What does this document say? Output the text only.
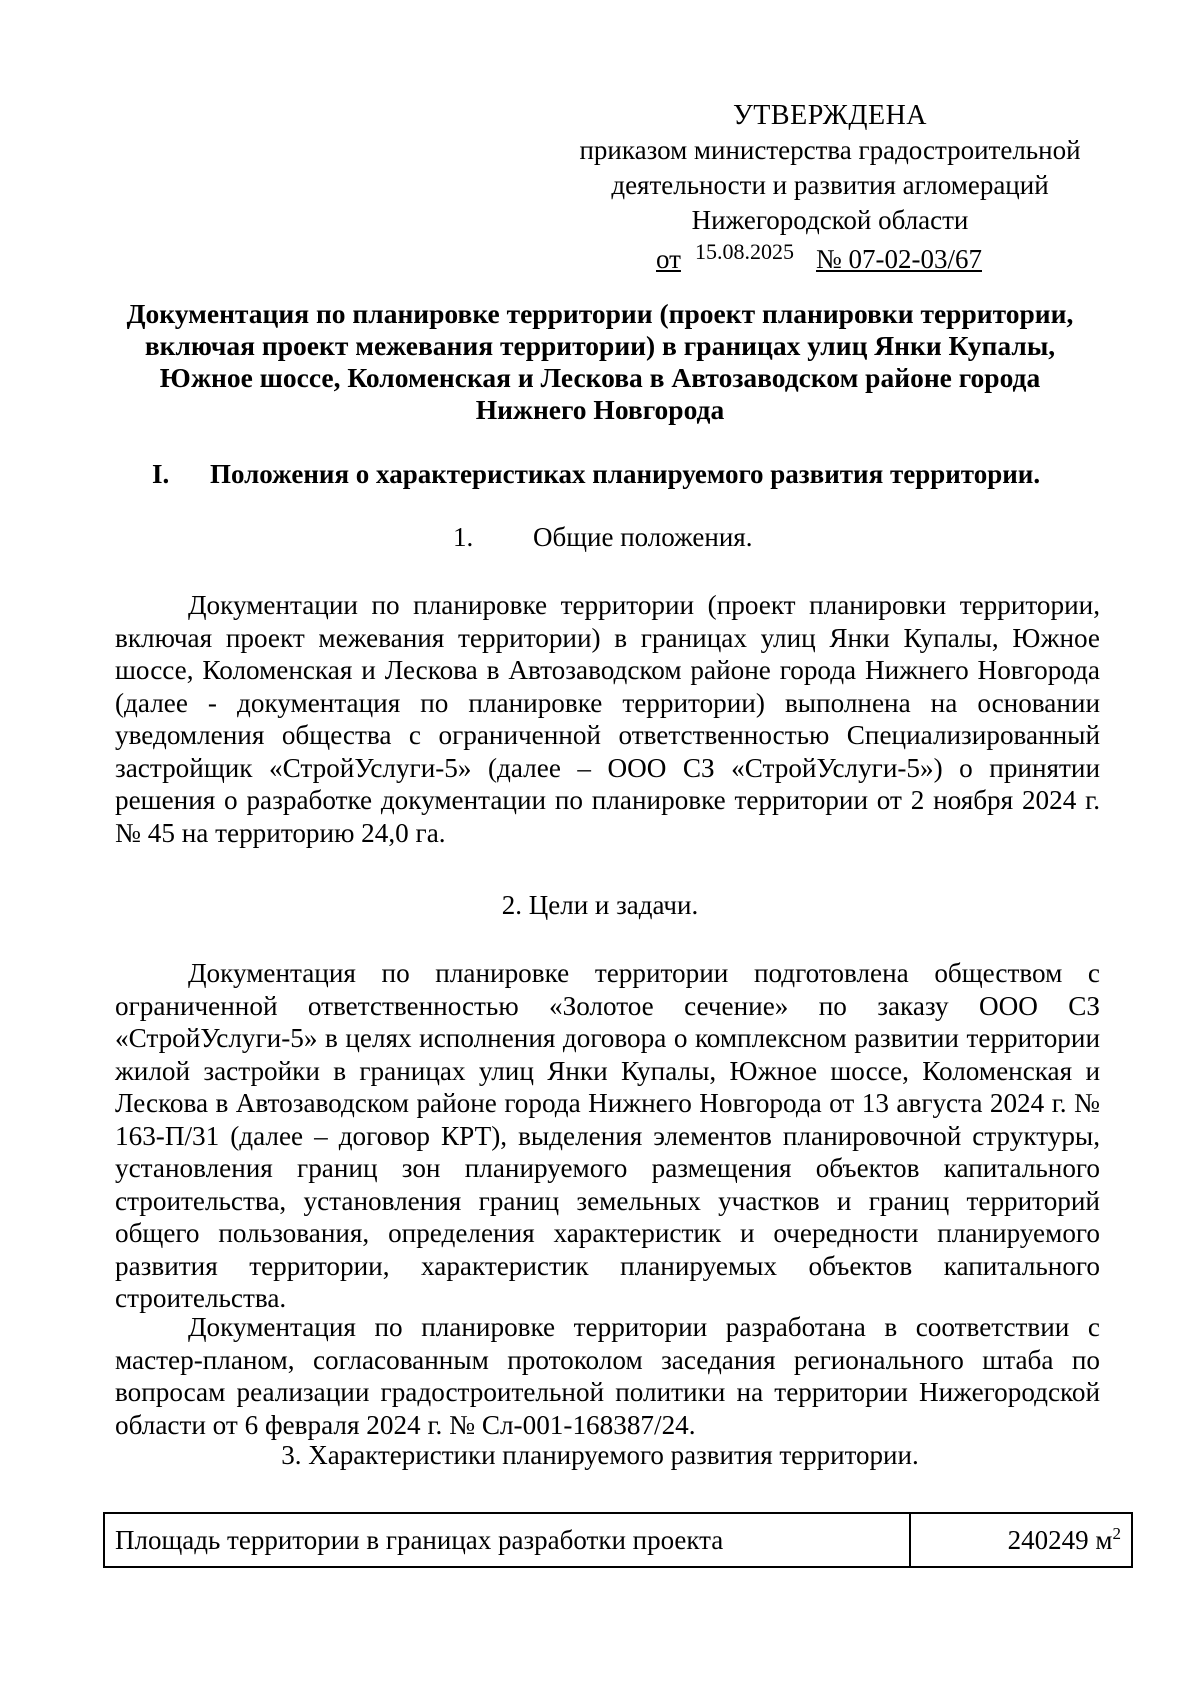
УТВЕРЖДЕНА
приказом министерства градостроительной
деятельности и развития агломераций
Нижегородской области
от 15.08.2025 № 07-02-03/67
Документация по планировке территории (проект планировки территории, включая проект межевания территории) в границах улиц Янки Купалы, Южное шоссе, Коломенская и Лескова в Автозаводском районе города Нижнего Новгорода
I. Положения о характеристиках планируемого развития территории.
1. Общие положения.

Документации по планировке территории (проект планировки территории, включая проект межевания территории) в границах улиц Янки Купалы, Южное шоссе, Коломенская и Лескова в Автозаводском районе города Нижнего Новгорода (далее - документация по планировке территории) выполнена на основании уведомления общества с ограниченной ответственностью Специализированный застройщик «СтройУслуги-5» (далее – ООО СЗ «СтройУслуги-5») о принятии решения о разработке документации по планировке территории от 2 ноября 2024 г. № 45 на территорию 24,0 га.

2. Цели и задачи.

Документация по планировке территории подготовлена обществом с ограниченной ответственностью «Золотое сечение» по заказу ООО СЗ «СтройУслуги-5» в целях исполнения договора о комплексном развитии территории жилой застройки в границах улиц Янки Купалы, Южное шоссе, Коломенская и Лескова в Автозаводском районе города Нижнего Новгорода от 13 августа 2024 г. № 163-П/31 (далее – договор КРТ), выделения элементов планировочной структуры, установления границ зон планируемого размещения объектов капитального строительства, установления границ земельных участков и границ территорий общего пользования, определения характеристик и очередности планируемого развития территории, характеристик планируемых объектов капитального строительства.

Документация по планировке территории разработана в соответствии с мастер-планом, согласованным протоколом заседания регионального штаба по вопросам реализации градостроительной политики на территории Нижегородской области от 6 февраля 2024 г. № Сл-001-168387/24.

3. Характеристики планируемого развития территории.
Площадь территории в границах разработки проекта	240249 $м^2$
